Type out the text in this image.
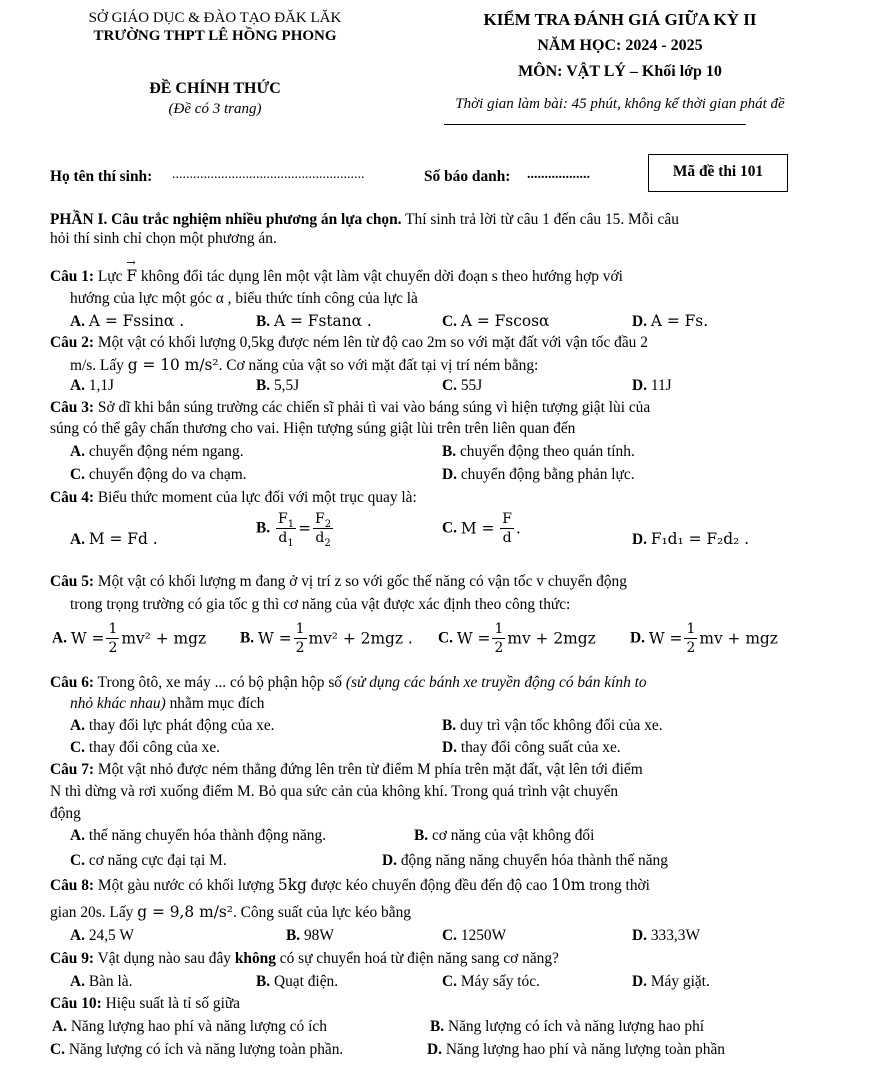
SỞ GIÁO DỤC & ĐÀO TẠO ĐĂK LĂK
TRƯỜNG THPT LÊ HỒNG PHONG
ĐỀ CHÍNH THỨC
(Đề có 3 trang)
KIỂM TRA ĐÁNH GIÁ GIỮA KỲ II
NĂM HỌC: 2024 - 2025
MÔN: VẬT LÝ – Khối lớp 10
Thời gian làm bài: 45 phút, không kể thời gian phát đề
Họ tên thí sinh: .......................................................	Số báo danh: ..................	Mã đề thi 101
PHẦN I. Câu trắc nghiệm nhiều phương án lựa chọn. Thí sinh trả lời từ câu 1 đến câu 15. Mỗi câu
hỏi thí sinh chỉ chọn một phương án.
Câu 1: Lực
→
F không đổi tác dụng lên một vật làm vật chuyển dời đoạn s theo hướng hợp với
hướng của lực một góc α , biểu thức tính công của lực là
A. A = Fssinα .	B. A = Fstanα .	C. A = Fscosα	D. A = Fs.
Câu 2: Một vật có khối lượng 0,5kg được ném lên từ độ cao 2m so với mặt đất với vận tốc đầu 2
m/s. Lấy g = 10 m/s². Cơ năng của vật so với mặt đất tại vị trí ném bằng:
A. 1,1J	B. 5,5J	C. 55J	D. 11J
Câu 3: Sở dĩ khi bắn súng trường các chiến sĩ phải tì vai vào báng súng vì hiện tượng giật lùi của
súng có thể gây chấn thương cho vai. Hiện tượng súng giật lùi trên trên liên quan đến
A. chuyển động ném ngang.	B. chuyển động theo quán tính.
C. chuyển động do va chạm.	D. chuyển động bằng phản lực.
Câu 4: Biểu thức moment của lực đối với một trục quay là:
A. M = Fd .
B. $\frac{F_1}{d_1} = \frac{F_2}{d_2}$	C. $M = \frac{F}{d}$ .
D. F₁d₁ = F₂d₂ .
Câu 5: Một vật có khối lượng m đang ở vị trí z so với gốc thế năng có vận tốc v chuyển động
trong trọng trường có gia tốc g thì cơ năng của vật được xác định theo công thức:
A. $W = \frac{1}{2} mv^2$ + mgz B. $W = \frac{1}{2} mv^2 + 2mgz$ . C. $W = \frac{1}{2}$ mv + 2mgz D. $W = \frac{1}{2}$ mv + mgz
Câu 6: Trong ôtô, xe máy ... có bộ phận hộp số (sử dụng các bánh xe truyền động có bán kính to
nhỏ khác nhau) nhằm mục đích
A. thay đổi lực phát động của xe.	B. duy trì vận tốc không đổi của xe.
C. thay đổi công của xe.	D. thay đổi công suất của xe.
Câu 7: Một vật nhỏ được ném thẳng đứng lên trên từ điểm M phía trên mặt đất, vật lên tới điểm
N thì dừng và rơi xuống điểm M. Bỏ qua sức cản của không khí. Trong quá trình vật chuyển
động
A. thế năng chuyển hóa thành động năng.	B. cơ năng của vật không đổi
C. cơ năng cực đại tại M.	D. động năng năng chuyển hóa thành thế năng
Câu 8: Một gàu nước có khối lượng 5kg được kéo chuyển động đều đến độ cao 10m trong thời
gian 20s. Lấy g = 9,8 m/s². Công suất của lực kéo bằng
A. 24,5 W	B. 98W	C. 1250W	D. 333,3W
Câu 9: Vật dụng nào sau đây không có sự chuyển hoá từ điện năng sang cơ năng?
A. Bàn là.	B. Quạt điện.	C. Máy sấy tóc.	D. Máy giặt.
Câu 10: Hiệu suất là tỉ số giữa
A. Năng lượng hao phí và năng lượng có ích	B. Năng lượng có ích và năng lượng hao phí
C. Năng lượng có ích và năng lượng toàn phần.	D. Năng lượng hao phí và năng lượng toàn phần
